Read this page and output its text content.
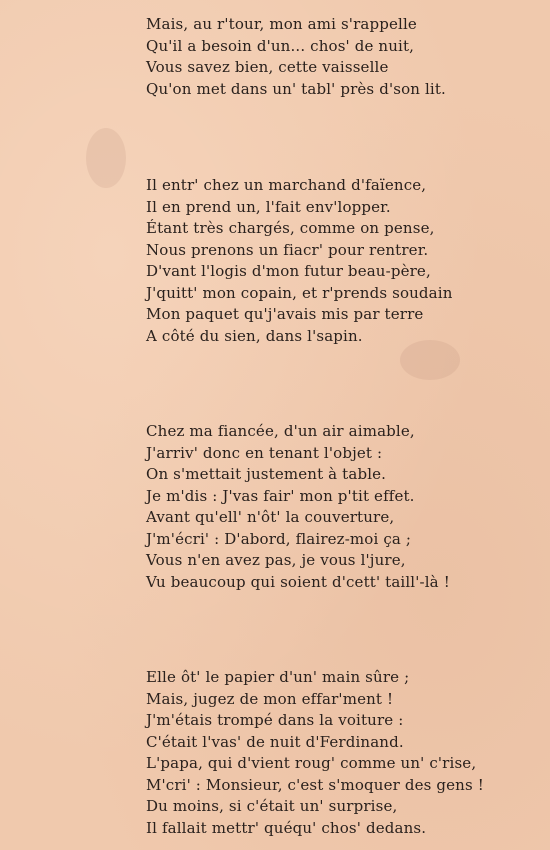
Mais, au r'tour, mon ami s'rappelle
Qu'il a besoin d'un... chos' de nuit,
Vous savez bien, cette vaisselle
Qu'on met dans un' tabl' près d'son lit.
Il entr' chez un marchand d'faïence,
Il en prend un, l'fait env'lopper.
Étant très chargés, comme on pense,
Nous prenons un fiacr' pour rentrer.
D'vant l'logis d'mon futur beau-père,
J'quitt' mon copain, et r'prends soudain
Mon paquet qu'j'avais mis par terre
A côté du sien, dans l'sapin.
Chez ma fiancée, d'un air aimable,
J'arriv' donc en tenant l'objet :
On s'mettait justement à table.
Je m'dis : J'vas fair' mon p'tit effet.
Avant qu'ell' n'ôt' la couverture,
J'm'écri' : D'abord, flairez-moi ça ;
Vous n'en avez pas, je vous l'jure,
Vu beaucoup qui soient d'cett' taill'-là !
Elle ôt' le papier d'un' main sûre ;
Mais, jugez de mon effar'ment !
J'm'étais trompé dans la voiture :
C'était l'vas' de nuit d'Ferdinand.
L'papa, qui d'vient roug' comme un' c'rise,
M'cri' : Monsieur, c'est s'moquer des gens !
Du moins, si c'était un' surprise,
Il fallait mettr' quéqu' chos' dedans.
